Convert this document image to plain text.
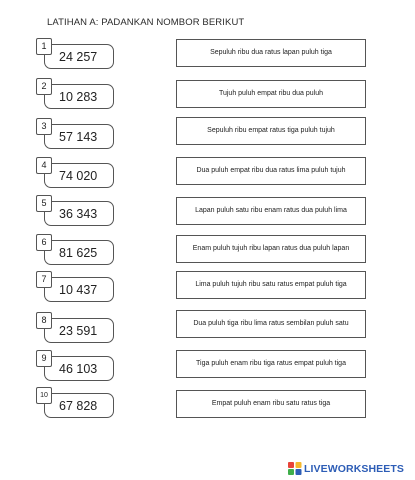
LATIHAN A: PADANKAN NOMBOR BERIKUT
1
24 257
2
10 283
3
57 143
4
74 020
5
36 343
6
81 625
7
10 437
8
23 591
9
46 103
10
67 828
Sepuluh ribu dua ratus lapan puluh tiga
Tujuh puluh empat ribu dua puluh
Sepuluh ribu empat ratus tiga puluh tujuh
Dua puluh empat ribu dua ratus lima puluh tujuh
Lapan puluh satu ribu enam ratus dua puluh lima
Enam puluh tujuh ribu lapan ratus dua puluh lapan
Lima puluh tujuh ribu satu ratus empat puluh tiga
Dua puluh tiga ribu lima ratus sembilan puluh satu
Tiga puluh enam ribu tiga ratus empat puluh tiga
Empat puluh enam ribu satu ratus tiga
LIVEWORKSHEETS
